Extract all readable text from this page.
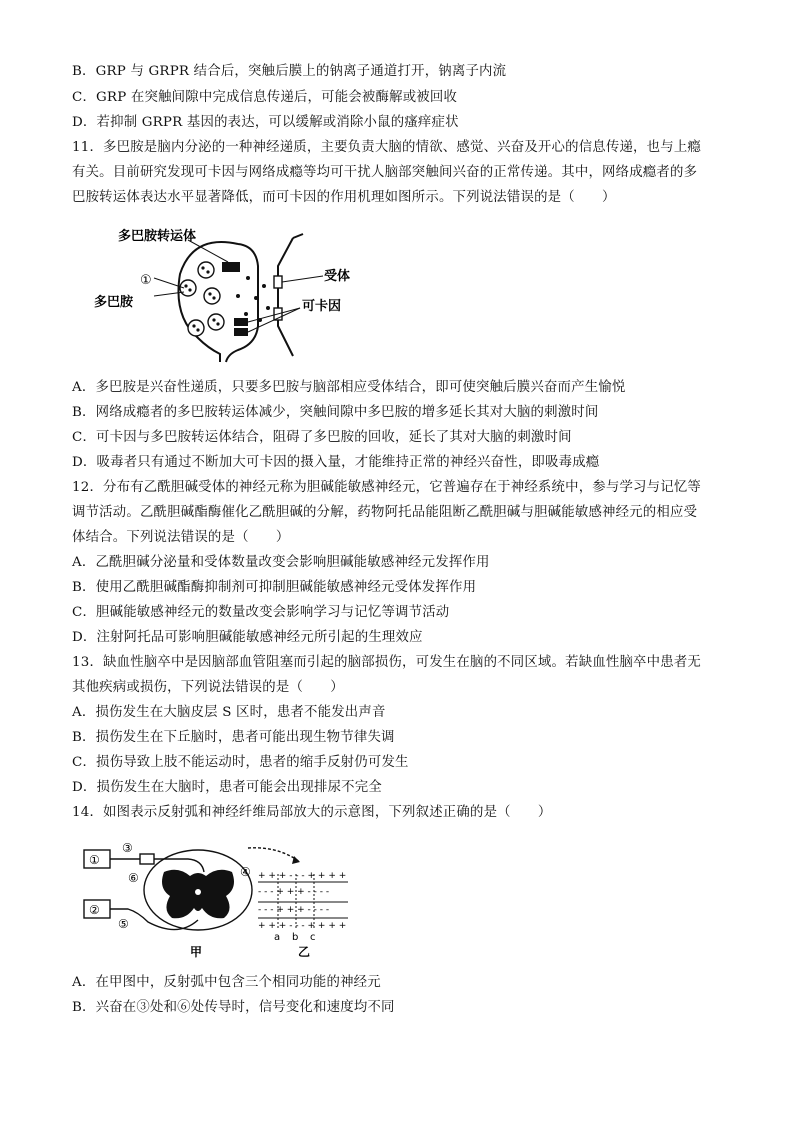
B．GRP 与 GRPR 结合后，突触后膜上的钠离子通道打开，钠离子内流
C．GRP 在突触间隙中完成信息传递后，可能会被酶解或被回收
D．若抑制 GRPR 基因的表达，可以缓解或消除小鼠的瘙痒症状
11．多巴胺是脑内分泌的一种神经递质，主要负责大脑的情欲、感觉、兴奋及开心的信息传递，也与上瘾
有关。目前研究发现可卡因与网络成瘾等均可干扰人脑部突触间兴奋的正常传递。其中，网络成瘾者的多
巴胺转运体表达水平显著降低，而可卡因的作用机理如图所示。下列说法错误的是（　　）
多巴胺转运体
受体
①
多巴胺	可卡因
A．多巴胺是兴奋性递质，只要多巴胺与脑部相应受体结合，即可使突触后膜兴奋而产生愉悦
B．网络成瘾者的多巴胺转运体减少，突触间隙中多巴胺的增多延长其对大脑的刺激时间
C．可卡因与多巴胺转运体结合，阻碍了多巴胺的回收，延长了其对大脑的刺激时间
D．吸毒者只有通过不断加大可卡因的摄入量，才能维持正常的神经兴奋性，即吸毒成瘾
12．分布有乙酰胆碱受体的神经元称为胆碱能敏感神经元，它普遍存在于神经系统中，参与学习与记忆等
调节活动。乙酰胆碱酯酶催化乙酰胆碱的分解，药物阿托品能阻断乙酰胆碱与胆碱能敏感神经元的相应受
体结合。下列说法错误的是（　　）
A．乙酰胆碱分泌量和受体数量改变会影响胆碱能敏感神经元发挥作用
B．使用乙酰胆碱酯酶抑制剂可抑制胆碱能敏感神经元受体发挥作用
C．胆碱能敏感神经元的数量改变会影响学习与记忆等调节活动
D．注射阿托品可影响胆碱能敏感神经元所引起的生理效应
13．缺血性脑卒中是因脑部血管阻塞而引起的脑部损伤，可发生在脑的不同区域。若缺血性脑卒中患者无
其他疾病或损伤，下列说法错误的是（　　）
A．损伤发生在大脑皮层 S 区时，患者不能发出声音
B．损伤发生在下丘脑时，患者可能出现生物节律失调
C．损伤导致上肢不能运动时，患者的缩手反射仍可发生
D．损伤发生在大脑时，患者可能会出现排尿不完全
14．如图表示反射弧和神经纤维局部放大的示意图，下列叙述正确的是（　　）
+ + + - - - + + + +
- - - + + + - - - -
- - - + + + - - - -
+ + + - - - + + + +
a b c
①
②
③
④
⑤
⑥
甲	乙
A．在甲图中，反射弧中包含三个相同功能的神经元
B．兴奋在③处和⑥处传导时，信号变化和速度均不同
